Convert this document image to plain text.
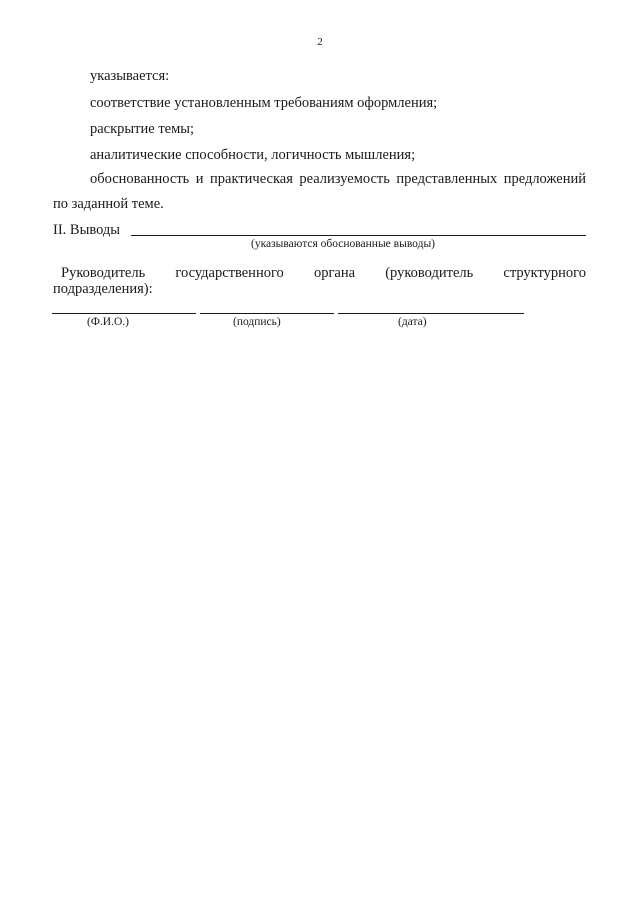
2
указывается:
соответствие установленным требованиям оформления;
раскрытие темы;
аналитические способности, логичность мышления;
обоснованность и практическая реализуемость представленных предложений
по заданной теме.
II. Выводы
(указываются обоснованные выводы)
Руководитель государственного органа (руководитель структурного
подразделения):
(Ф.И.О.)	(подпись)	(дата)
